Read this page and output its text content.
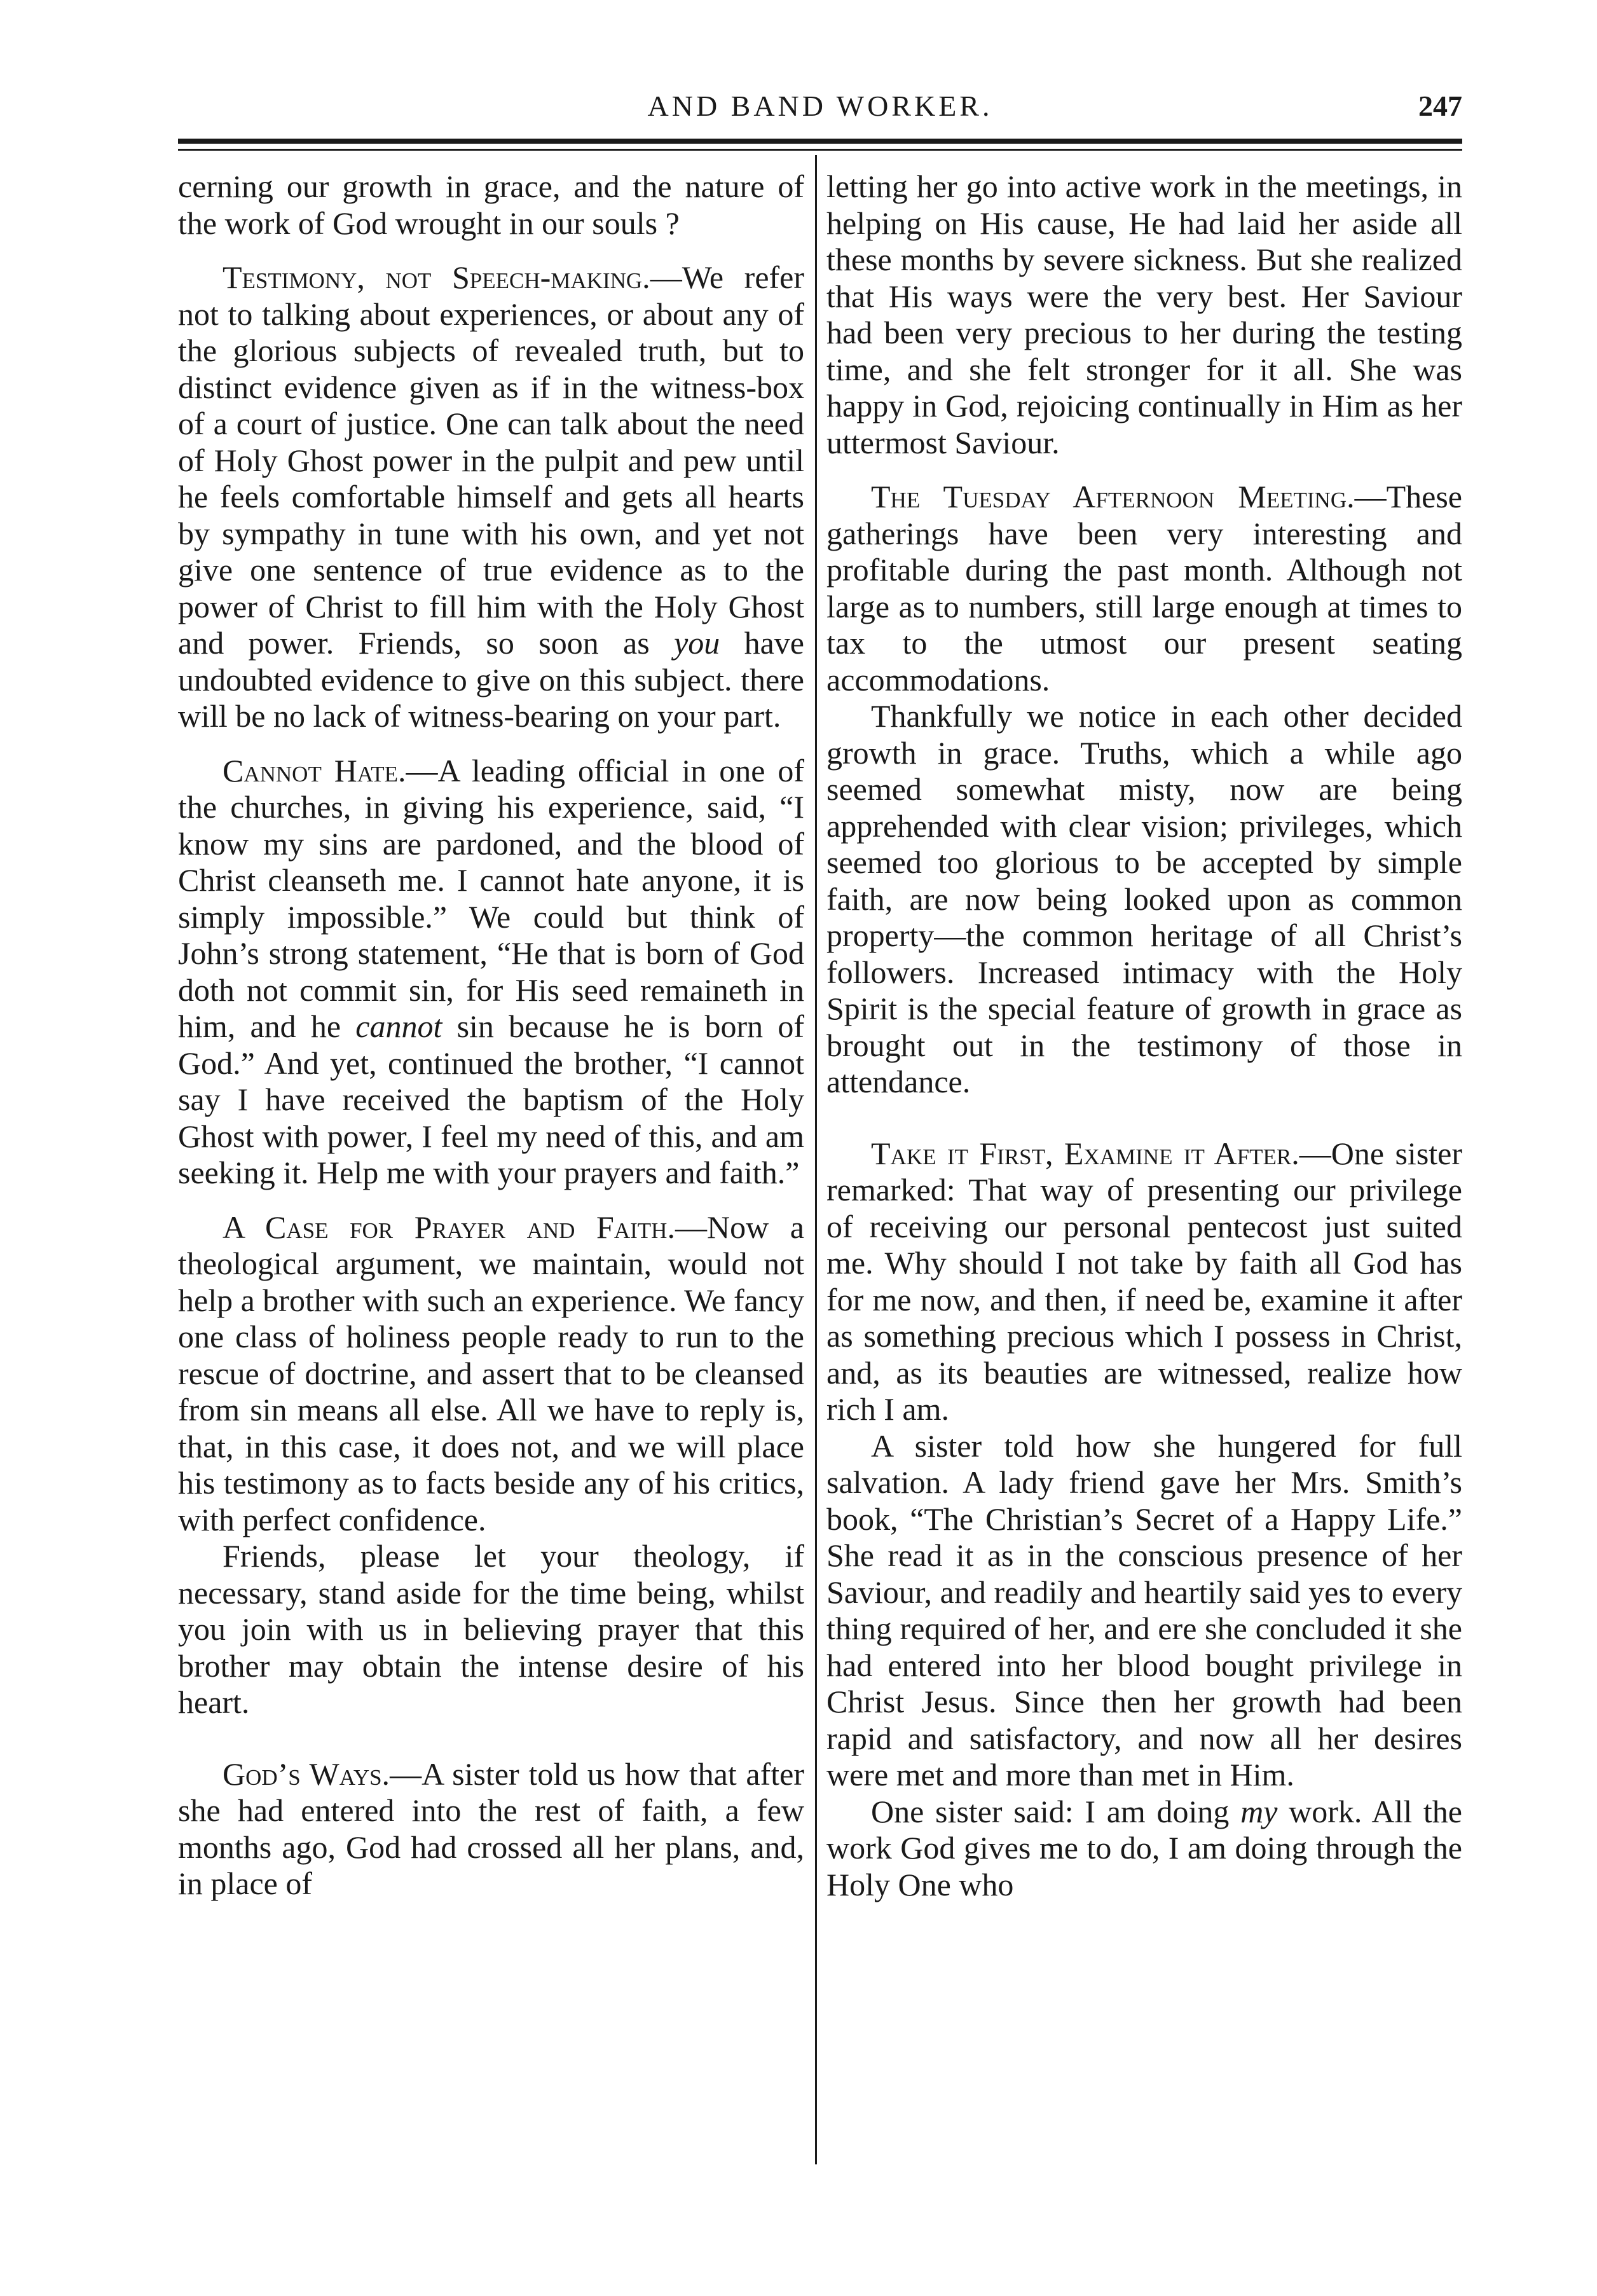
AND BAND WORKER.	247

cerning our growth in grace, and the nature of the work of God wrought in our souls ?

Testimony, not Speech-making.—We refer not to talking about experiences, or about any of the glorious subjects of revealed truth, but to distinct evidence given as if in the witness-box of a court of justice. One can talk about the need of Holy Ghost power in the pulpit and pew until he feels comfortable himself and gets all hearts by sympathy in tune with his own, and yet not give one sentence of true evidence as to the power of Christ to fill him with the Holy Ghost and power. Friends, so soon as you have undoubted evidence to give on this subject. there will be no lack of witness-bearing on your part.

Cannot Hate.—A leading official in one of the churches, in giving his experience, said, “I know my sins are pardoned, and the blood of Christ cleanseth me. I cannot hate anyone, it is simply impossible.” We could but think of John’s strong statement, “He that is born of God doth not commit sin, for His seed remaineth in him, and he cannot sin because he is born of God.” And yet, continued the brother, “I cannot say I have received the baptism of the Holy Ghost with power, I feel my need of this, and am seeking it. Help me with your prayers and faith.”

A Case for Prayer and Faith.—Now a theological argument, we maintain, would not help a brother with such an experience. We fancy one class of holiness people ready to run to the rescue of doctrine, and assert that to be cleansed from sin means all else. All we have to reply is, that, in this case, it does not, and we will place his testimony as to facts beside any of his critics, with perfect confidence.

Friends, please let your theology, if necessary, stand aside for the time being, whilst you join with us in believing prayer that this brother may obtain the intense desire of his heart.

God’s Ways.—A sister told us how that after she had entered into the rest of faith, a few months ago, God had crossed all her plans, and, in place of

letting her go into active work in the meetings, in helping on His cause, He had laid her aside all these months by severe sickness. But she realized that His ways were the very best. Her Saviour had been very precious to her during the testing time, and she felt stronger for it all. She was happy in God, rejoicing continually in Him as her uttermost Saviour.

The Tuesday Afternoon Meeting.—These gatherings have been very interesting and profitable during the past month. Although not large as to numbers, still large enough at times to tax to the utmost our present seating accommodations.

Thankfully we notice in each other decided growth in grace. Truths, which a while ago seemed somewhat misty, now are being apprehended with clear vision; privileges, which seemed too glorious to be accepted by simple faith, are now being looked upon as common property—the common heritage of all Christ’s followers. Increased intimacy with the Holy Spirit is the special feature of growth in grace as brought out in the testimony of those in attendance.

Take it First, Examine it After.—One sister remarked: That way of presenting our privilege of receiving our personal pentecost just suited me. Why should I not take by faith all God has for me now, and then, if need be, examine it after as something precious which I possess in Christ, and, as its beauties are witnessed, realize how rich I am.

A sister told how she hungered for full salvation. A lady friend gave her Mrs. Smith’s book, “The Christian’s Secret of a Happy Life.” She read it as in the conscious presence of her Saviour, and readily and heartily said yes to every thing required of her, and ere she concluded it she had entered into her blood bought privilege in Christ Jesus. Since then her growth had been rapid and satisfactory, and now all her desires were met and more than met in Him.

One sister said: I am doing my work. All the work God gives me to do, I am doing through the Holy One who
